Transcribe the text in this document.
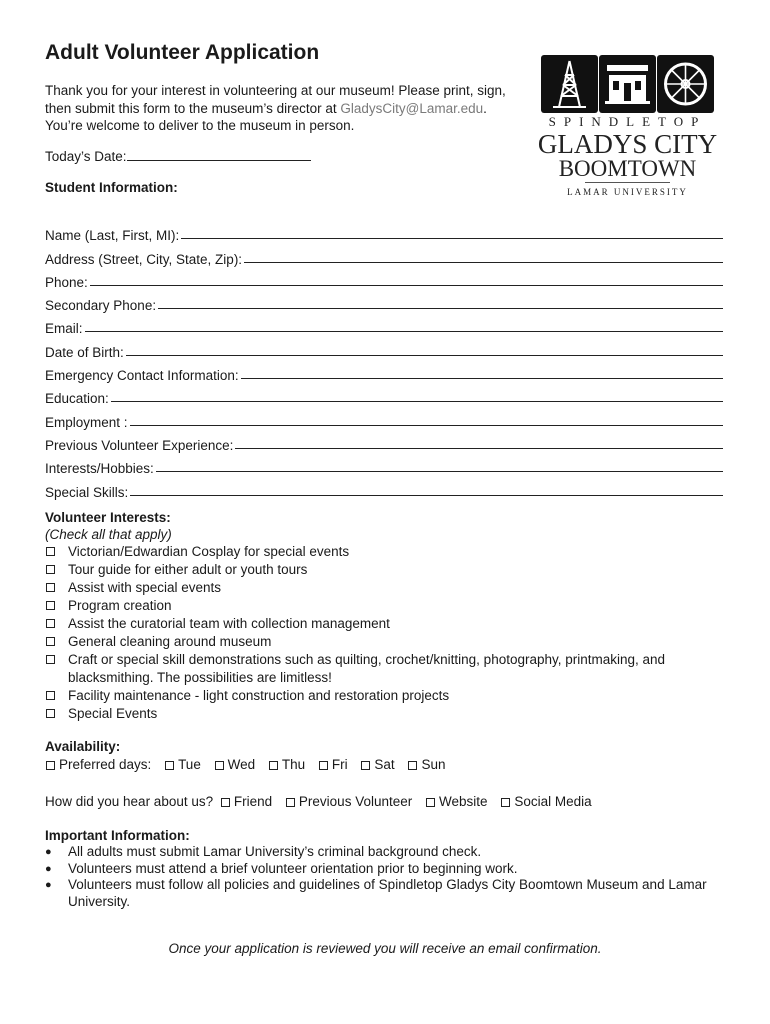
Adult Volunteer Application
Thank you for your interest in volunteering at our museum! Please print, sign,
then submit this form to the museum’s director at GladysCity@Lamar.edu.
You’re welcome to deliver to the museum in person.
Today’s Date:
Student Information:
SPINDLETOP
GLADYS CITY
BOOMTOWN
LAMAR UNIVERSITY
Name (Last, First, MI):
Address (Street, City, State, Zip):
Phone:
Secondary Phone:
Email:
Date of Birth:
Emergency Contact Information:
Education:
Employment :
Previous Volunteer Experience:
Interests/Hobbies:
Special Skills:
Volunteer Interests:
(Check all that apply)
Victorian/Edwardian Cosplay for special events
Tour guide for either adult or youth tours
Assist with special events
Program creation
Assist the curatorial team with collection management
General cleaning around museum
Craft or special skill demonstrations such as quilting, crochet/knitting, photography, printmaking, and blacksmithing. The possibilities are limitless!
Facility maintenance - light construction and restoration projects
Special Events
Availability:
Preferred days: Tue Wed Thu Fri Sat Sun
How did you hear about us? Friend Previous Volunteer Website Social Media
Important Information:
●	All adults must submit Lamar University’s criminal background check.
●	Volunteers must attend a brief volunteer orientation prior to beginning work.
●	Volunteers must follow all policies and guidelines of Spindletop Gladys City Boomtown Museum and Lamar University.
Once your application is reviewed you will receive an email confirmation.
